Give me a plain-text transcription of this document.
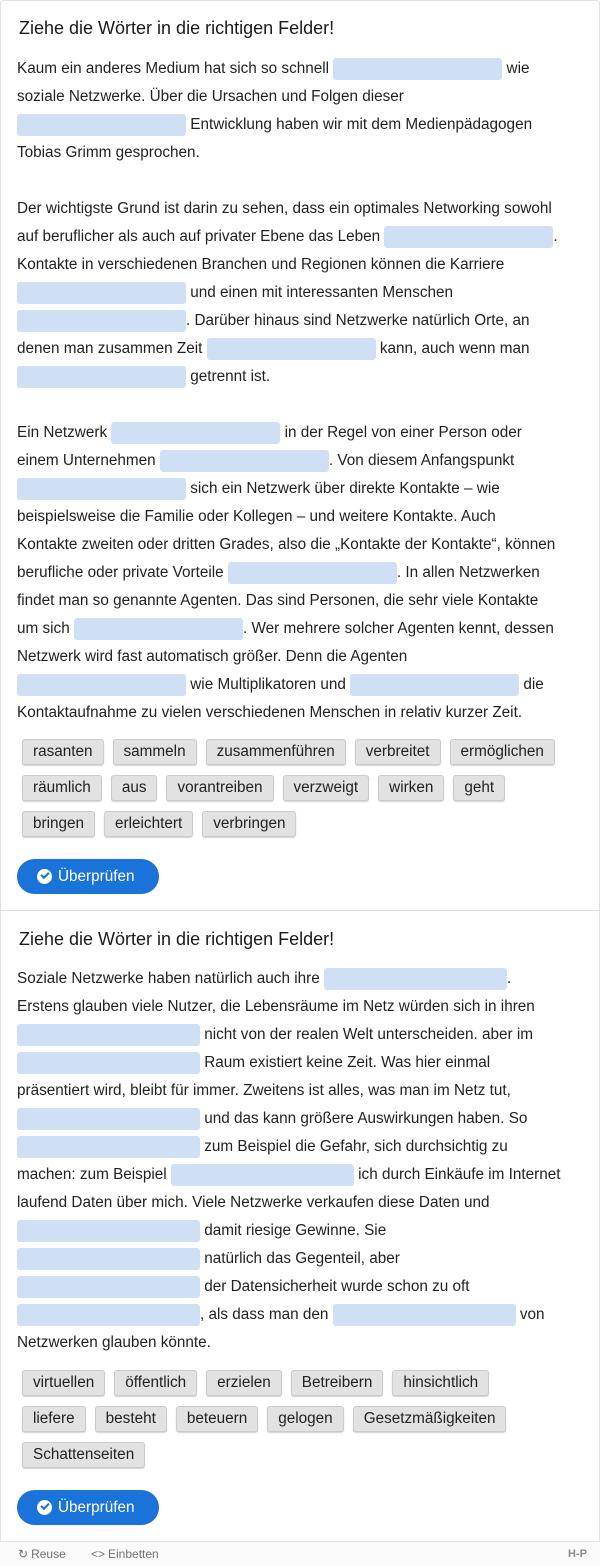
Ziehe die Wörter in die richtigen Felder!
Kaum ein anderes Medium hat sich so schnell	wie
soziale Netzwerke. Über die Ursachen und Folgen dieser
Entwicklung haben wir mit dem Medienpädagogen
Tobias Grimm gesprochen.
Der wichtigste Grund ist darin zu sehen, dass ein optimales Networking sowohl
auf beruflicher als auch auf privater Ebene das Leben	.
Kontakte in verschiedenen Branchen und Regionen können die Karriere
und einen mit interessanten Menschen
. Darüber hinaus sind Netzwerke natürlich Orte, an
denen man zusammen Zeit	kann, auch wenn man
getrennt ist.
Ein Netzwerk	in der Regel von einer Person oder
einem Unternehmen	. Von diesem Anfangspunkt
sich ein Netzwerk über direkte Kontakte – wie
beispielsweise die Familie oder Kollegen – und weitere Kontakte. Auch
Kontakte zweiten oder dritten Grades, also die „Kontakte der Kontakte“, können
berufliche oder private Vorteile	. In allen Netzwerken
findet man so genannte Agenten. Das sind Personen, die sehr viele Kontakte
um sich	. Wer mehrere solcher Agenten kennt, dessen
Netzwerk wird fast automatisch größer. Denn die Agenten
wie Multiplikatoren und	die
Kontaktaufnahme zu vielen verschiedenen Menschen in relativ kurzer Zeit.
rasanten sammeln zusammenführen verbreitet ermöglichen
räumlich aus vorantreiben verzweigt wirken geht
bringen erleichtert verbringen
Überprüfen
Ziehe die Wörter in die richtigen Felder!
Soziale Netzwerke haben natürlich auch ihre	.
Erstens glauben viele Nutzer, die Lebensräume im Netz würden sich in ihren
nicht von der realen Welt unterscheiden. aber im
Raum existiert keine Zeit. Was hier einmal
präsentiert wird, bleibt für immer. Zweitens ist alles, was man im Netz tut,
und das kann größere Auswirkungen haben. So
zum Beispiel die Gefahr, sich durchsichtig zu
machen: zum Beispiel	ich durch Einkäufe im Internet
laufend Daten über mich. Viele Netzwerke verkaufen diese Daten und
damit riesige Gewinne. Sie
natürlich das Gegenteil, aber
der Datensicherheit wurde schon zu oft
, als dass man den	von
Netzwerken glauben könnte.
virtuellen öffentlich erzielen Betreibern hinsichtlich
liefere besteht beteuern gelogen Gesetzmäßigkeiten
Schattenseiten
Überprüfen
↻ Reuse <> Einbetten	H-P
